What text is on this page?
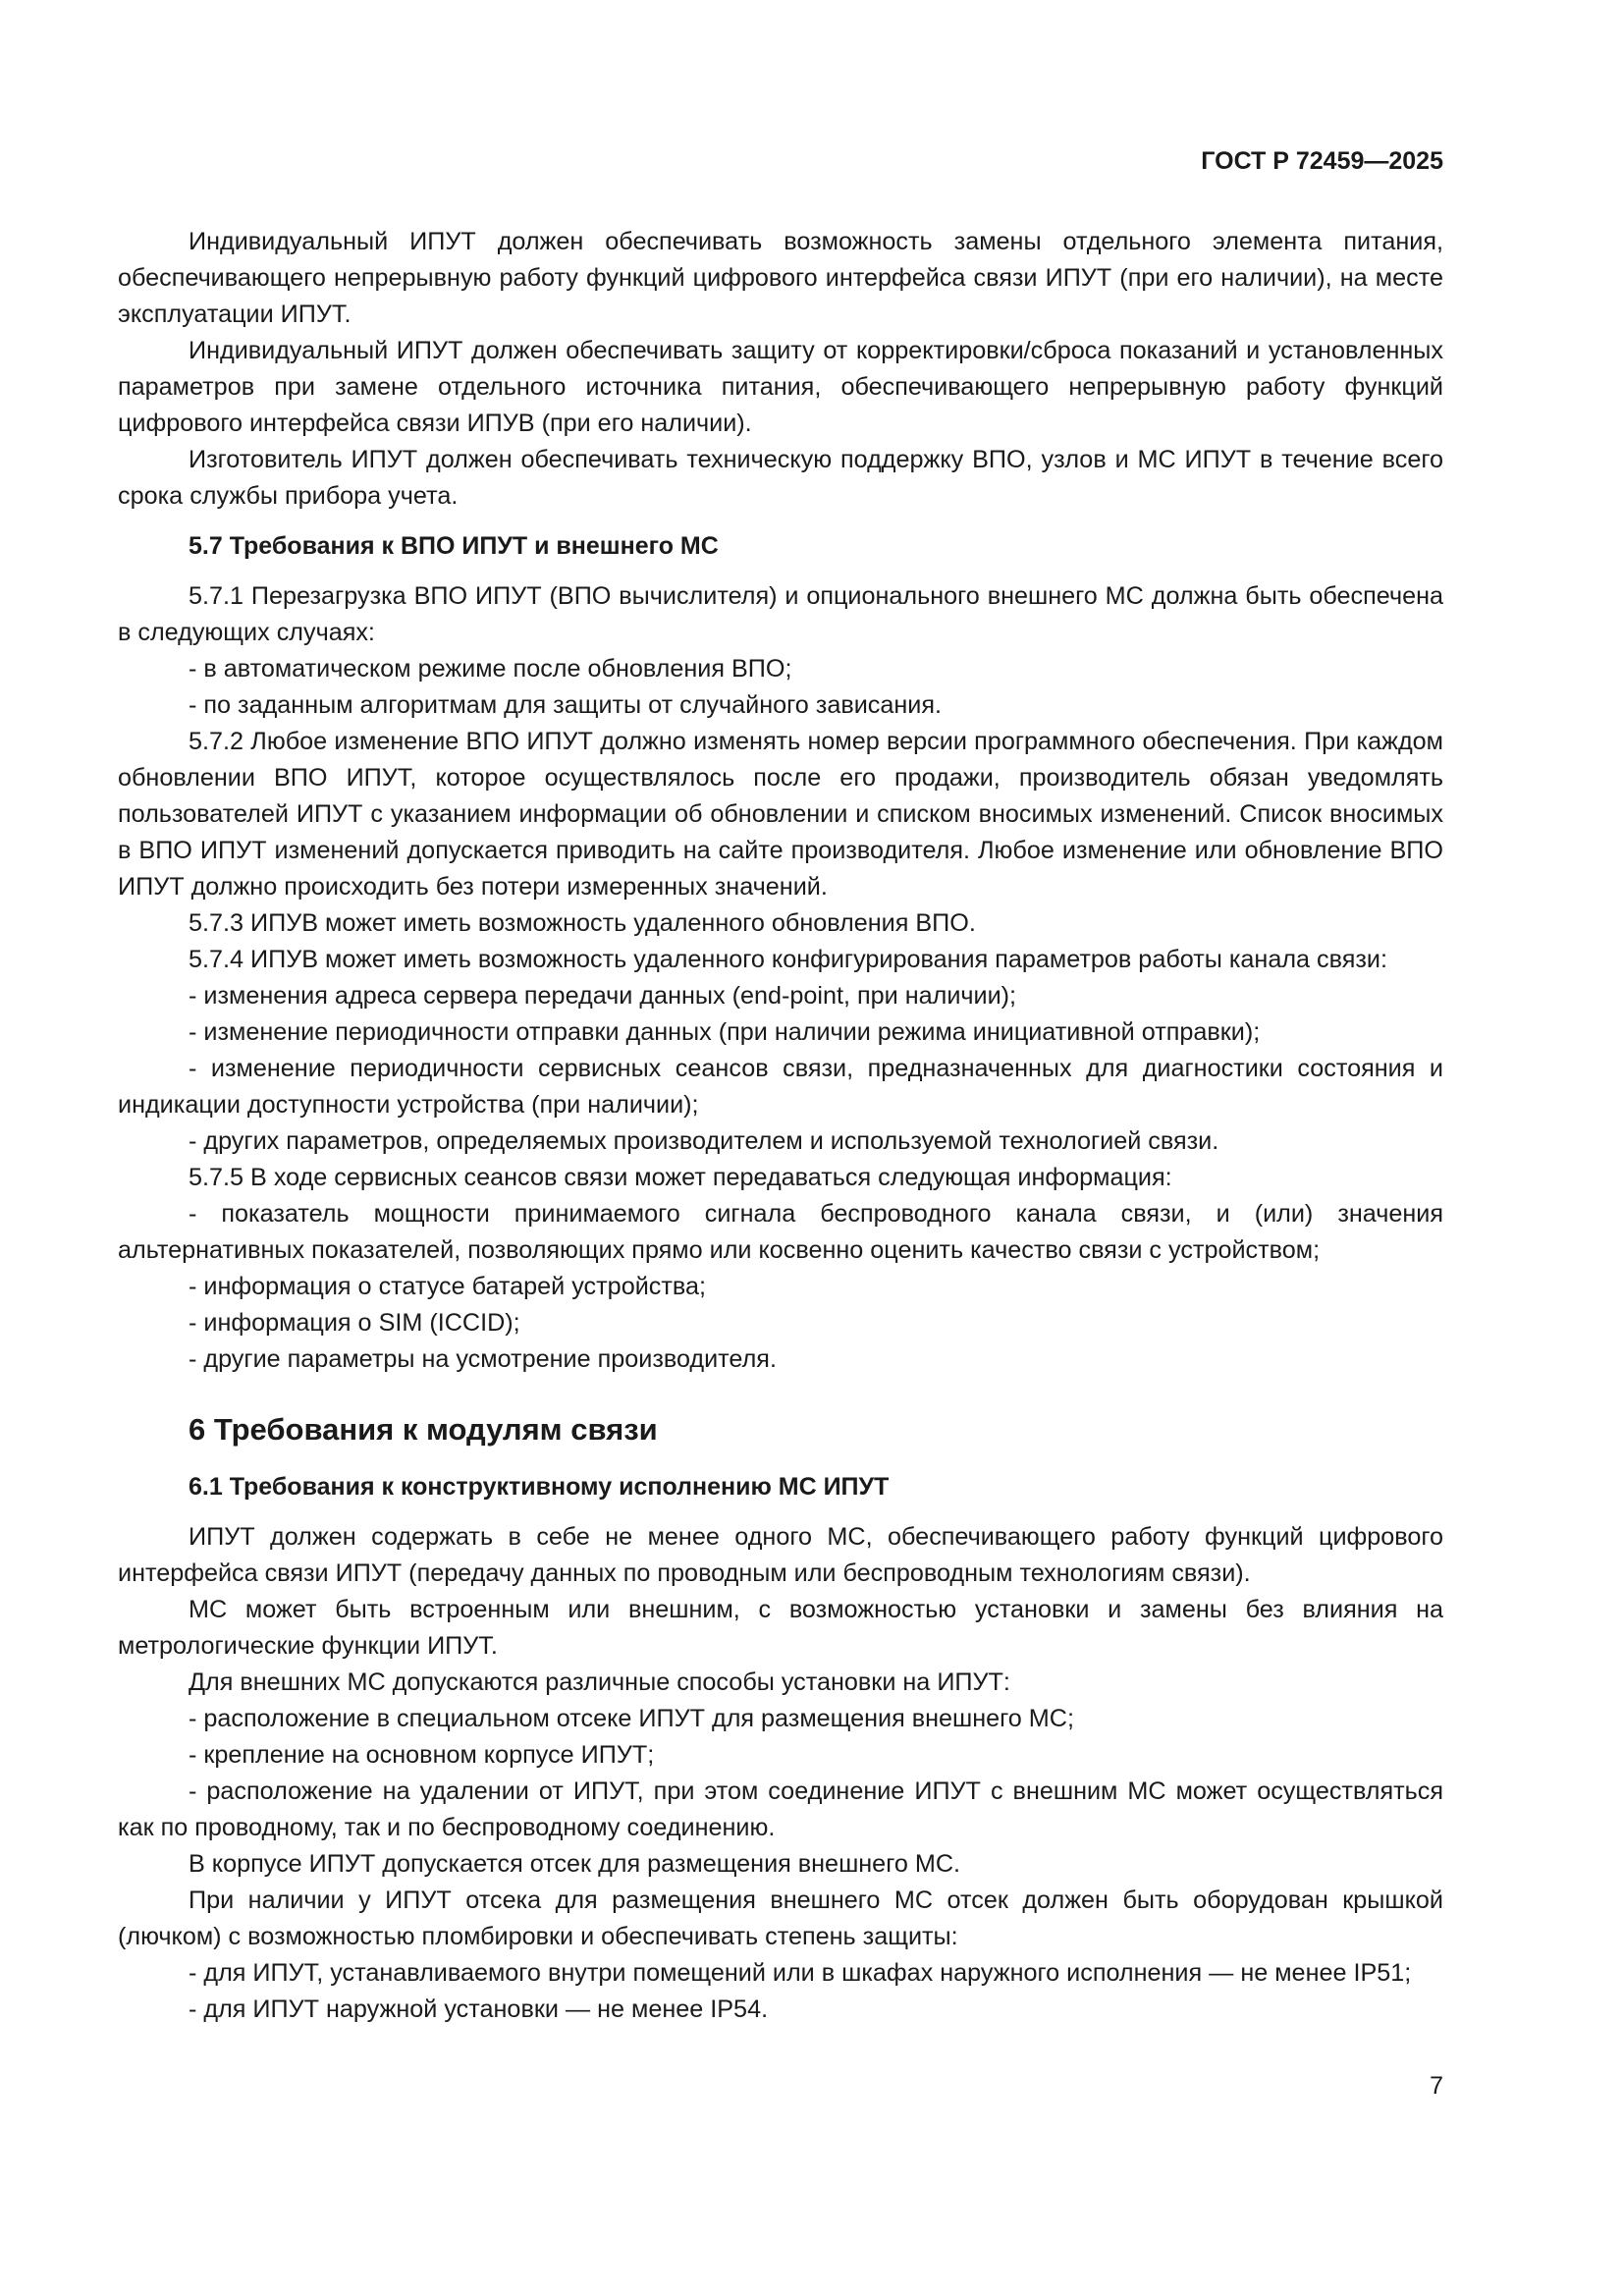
ГОСТ Р 72459—2025

Индивидуальный ИПУТ должен обеспечивать возможность замены отдельного элемента питания, обеспечивающего непрерывную работу функций цифрового интерфейса связи ИПУТ (при его наличии), на месте эксплуатации ИПУТ.

Индивидуальный ИПУТ должен обеспечивать защиту от корректировки/сброса показаний и установленных параметров при замене отдельного источника питания, обеспечивающего непрерывную работу функций цифрового интерфейса связи ИПУВ (при его наличии).

Изготовитель ИПУТ должен обеспечивать техническую поддержку ВПО, узлов и МС ИПУТ в течение всего срока службы прибора учета.

5.7 Требования к ВПО ИПУТ и внешнего МС

5.7.1 Перезагрузка ВПО ИПУТ (ВПО вычислителя) и опционального внешнего МС должна быть обеспечена в следующих случаях:

- в автоматическом режиме после обновления ВПО;

- по заданным алгоритмам для защиты от случайного зависания.

5.7.2 Любое изменение ВПО ИПУТ должно изменять номер версии программного обеспечения. При каждом обновлении ВПО ИПУТ, которое осуществлялось после его продажи, производитель обязан уведомлять пользователей ИПУТ с указанием информации об обновлении и списком вносимых изменений. Список вносимых в ВПО ИПУТ изменений допускается приводить на сайте производителя. Любое изменение или обновление ВПО ИПУТ должно происходить без потери измеренных значений.

5.7.3 ИПУВ может иметь возможность удаленного обновления ВПО.

5.7.4 ИПУВ может иметь возможность удаленного конфигурирования параметров работы канала связи:

- изменения адреса сервера передачи данных (end-point, при наличии);

- изменение периодичности отправки данных (при наличии режима инициативной отправки);

- изменение периодичности сервисных сеансов связи, предназначенных для диагностики состояния и индикации доступности устройства (при наличии);

- других параметров, определяемых производителем и используемой технологией связи.

5.7.5 В ходе сервисных сеансов связи может передаваться следующая информация:

- показатель мощности принимаемого сигнала беспроводного канала связи, и (или) значения альтернативных показателей, позволяющих прямо или косвенно оценить качество связи с устройством;

- информация о статусе батарей устройства;

- информация о SIM (ICCID);

- другие параметры на усмотрение производителя.

6 Требования к модулям связи
6.1 Требования к конструктивному исполнению МС ИПУТ

ИПУТ должен содержать в себе не менее одного МС, обеспечивающего работу функций цифрового интерфейса связи ИПУТ (передачу данных по проводным или беспроводным технологиям связи).

МС может быть встроенным или внешним, с возможностью установки и замены без влияния на метрологические функции ИПУТ.

Для внешних МС допускаются различные способы установки на ИПУТ:

- расположение в специальном отсеке ИПУТ для размещения внешнего МС;

- крепление на основном корпусе ИПУТ;

- расположение на удалении от ИПУТ, при этом соединение ИПУТ с внешним МС может осуществляться как по проводному, так и по беспроводному соединению.

В корпусе ИПУТ допускается отсек для размещения внешнего МС.

При наличии у ИПУТ отсека для размещения внешнего МС отсек должен быть оборудован крышкой (лючком) с возможностью пломбировки и обеспечивать степень защиты:

- для ИПУТ, устанавливаемого внутри помещений или в шкафах наружного исполнения — не менее IP51;

- для ИПУТ наружной установки — не менее IP54.

7
